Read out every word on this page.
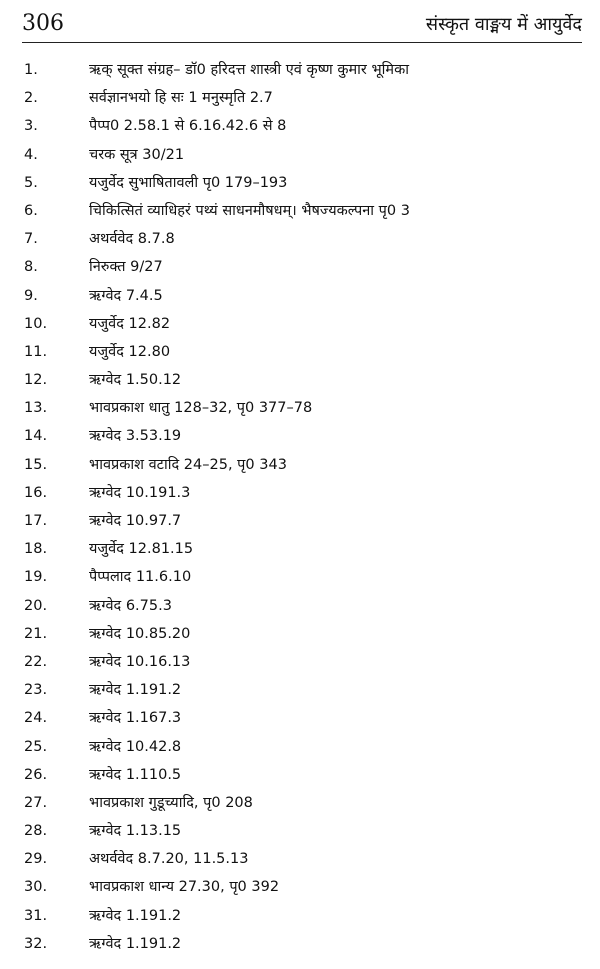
306	संस्कृत वाङ्मय में आयुर्वेद
1.	ऋक् सूक्त संग्रह– डॉ0 हरिदत्त शास्त्री एवं कृष्ण कुमार भूमिका
2.	सर्वज्ञानभयो हि सः 1 मनुस्मृति 2.7
3.	पैप्प0 2.58.1 से 6.16.42.6 से 8
4.	चरक सूत्र 30/21
5.	यजुर्वेद सुभाषितावली पृ0 179–193
6.	चिकित्सितं व्याधिहरं पथ्यं साधनमौषधम्। भैषज्यकल्पना पृ0 3
7.	अथर्ववेद 8.7.8
8.	निरुक्त 9/27
9.	ऋग्वेद 7.4.5
10.	यजुर्वेद 12.82
11.	यजुर्वेद 12.80
12.	ऋग्वेद 1.50.12
13.	भावप्रकाश धातु 128–32, पृ0 377–78
14.	ऋग्वेद 3.53.19
15.	भावप्रकाश वटादि 24–25, पृ0 343
16.	ऋग्वेद 10.191.3
17.	ऋग्वेद 10.97.7
18.	यजुर्वेद 12.81.15
19.	पैप्पलाद 11.6.10
20.	ऋग्वेद 6.75.3
21.	ऋग्वेद 10.85.20
22.	ऋग्वेद 10.16.13
23.	ऋग्वेद 1.191.2
24.	ऋग्वेद 1.167.3
25.	ऋग्वेद 10.42.8
26.	ऋग्वेद 1.110.5
27.	भावप्रकाश गुडूच्यादि, पृ0 208
28.	ऋग्वेद 1.13.15
29.	अथर्ववेद 8.7.20, 11.5.13
30.	भावप्रकाश धान्य 27.30, पृ0 392
31.	ऋग्वेद 1.191.2
32.	ऋग्वेद 1.191.2
